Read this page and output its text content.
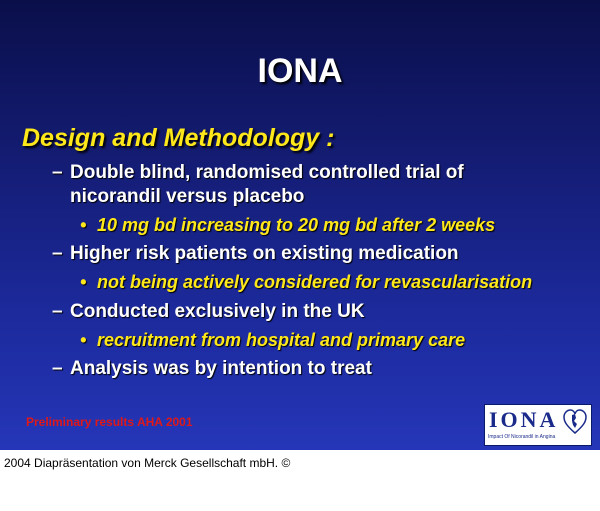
IONA
Design and Methodology :
– Double blind, randomised controlled trial of
nicorandil versus placebo
• 10 mg bd increasing to 20 mg bd after 2 weeks
– Higher risk patients on existing medication
• not being actively considered for revascularisation
– Conducted exclusively in the UK
• recruitment from hospital and primary care
– Analysis was by intention to treat
Preliminary results AHA 2001	IONA
Impact Of Nicorandil in Angina
2004 Diapräsentation von Merck Gesellschaft mbH. ©
